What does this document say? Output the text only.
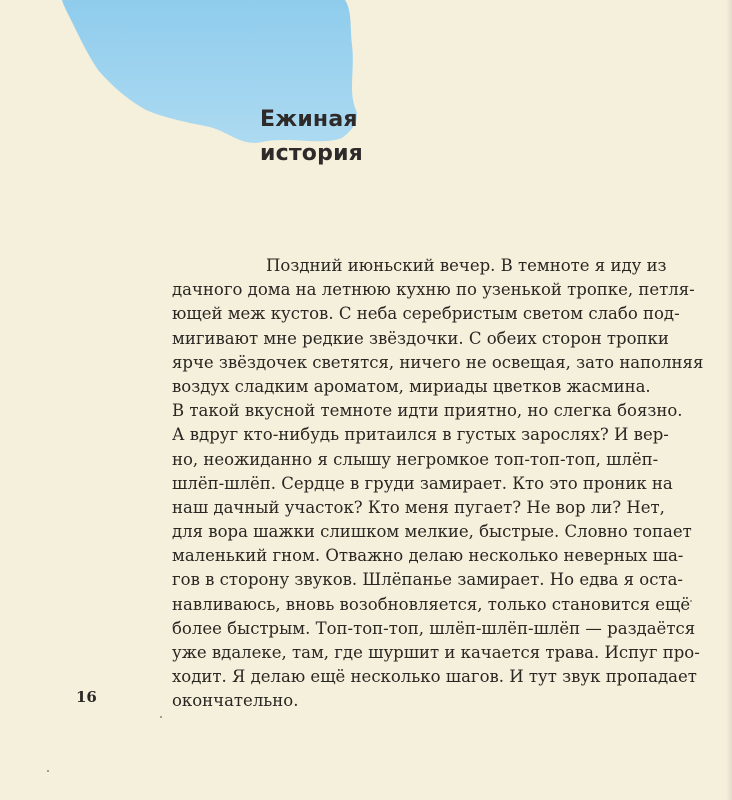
Ежиная
история
Поздний июньский вечер. В темноте я иду из
дачного дома на летнюю кухню по узенькой тропке, петля-
ющей меж кустов. С неба серебристым светом слабо под-
мигивают мне редкие звёздочки. С обеих сторон тропки
ярче звёздочек светятся, ничего не освещая, зато наполняя
воздух сладким ароматом, мириады цветков жасмина.
В такой вкусной темноте идти приятно, но слегка боязно.
А вдруг кто-нибудь притаился в густых зарослях? И вер-
но, неожиданно я слышу негромкое топ-топ-топ, шлёп-
шлёп-шлёп. Сердце в груди замирает. Кто это проник на
наш дачный участок? Кто меня пугает? Не вор ли? Нет,
для вора шажки слишком мелкие, быстрые. Словно топает
маленький гном. Отважно делаю несколько неверных ша-
гов в сторону звуков. Шлёпанье замирает. Но едва я оста-
навливаюсь, вновь возобновляется, только становится ещё
более быстрым. Топ-топ-топ, шлёп-шлёп-шлёп — раздаётся
уже вдалеке, там, где шуршит и качается трава. Испуг про-
ходит. Я делаю ещё несколько шагов. И тут звук пропадает
окончательно.
16
